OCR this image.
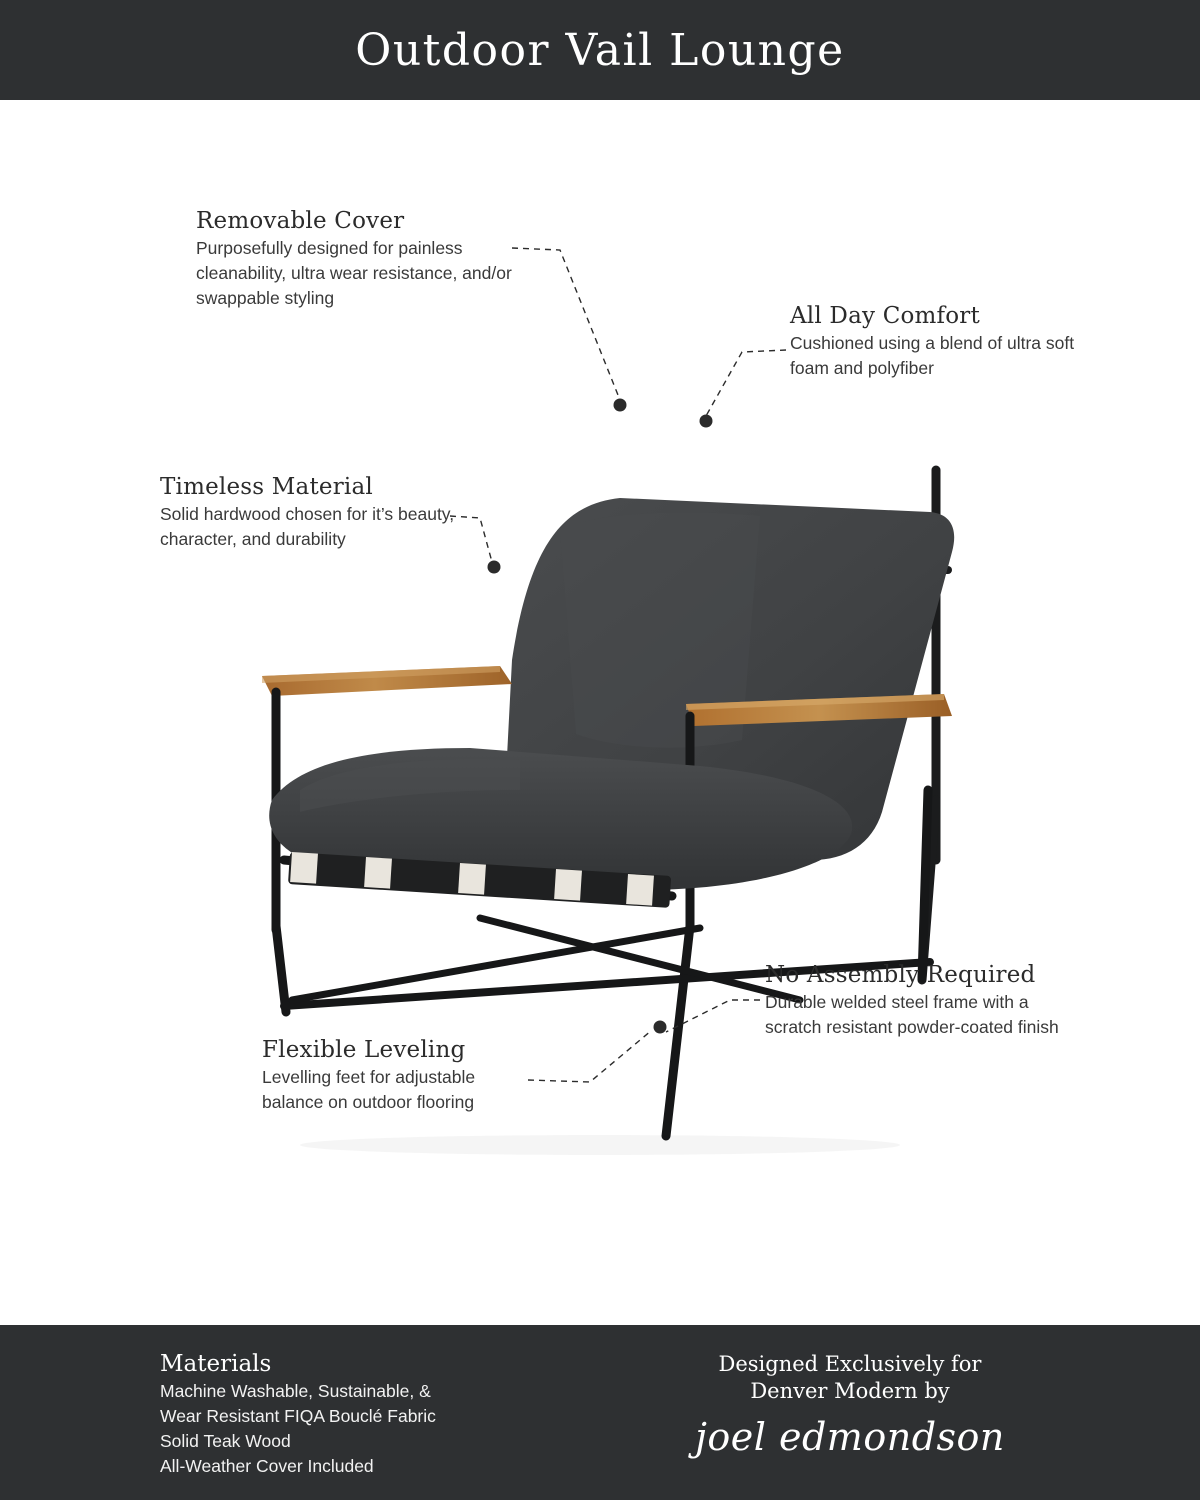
Outdoor Vail Lounge
Removable Cover
Purposefully designed for painless cleanability, ultra wear resistance, and/or swappable styling
All Day Comfort
Cushioned using a blend of ultra soft foam and polyfiber
Timeless Material
Solid hardwood chosen for it’s beauty, character, and durability
No Assembly Required
Durable welded steel frame with a scratch resistant powder-coated finish
Flexible Leveling
Levelling feet for adjustable balance on outdoor flooring
Materials
Machine Washable, Sustainable, &
Wear Resistant FIQA Bouclé Fabric
Solid Teak Wood
All-Weather Cover Included
Designed Exclusively for
Denver Modern by
joel edmondson
